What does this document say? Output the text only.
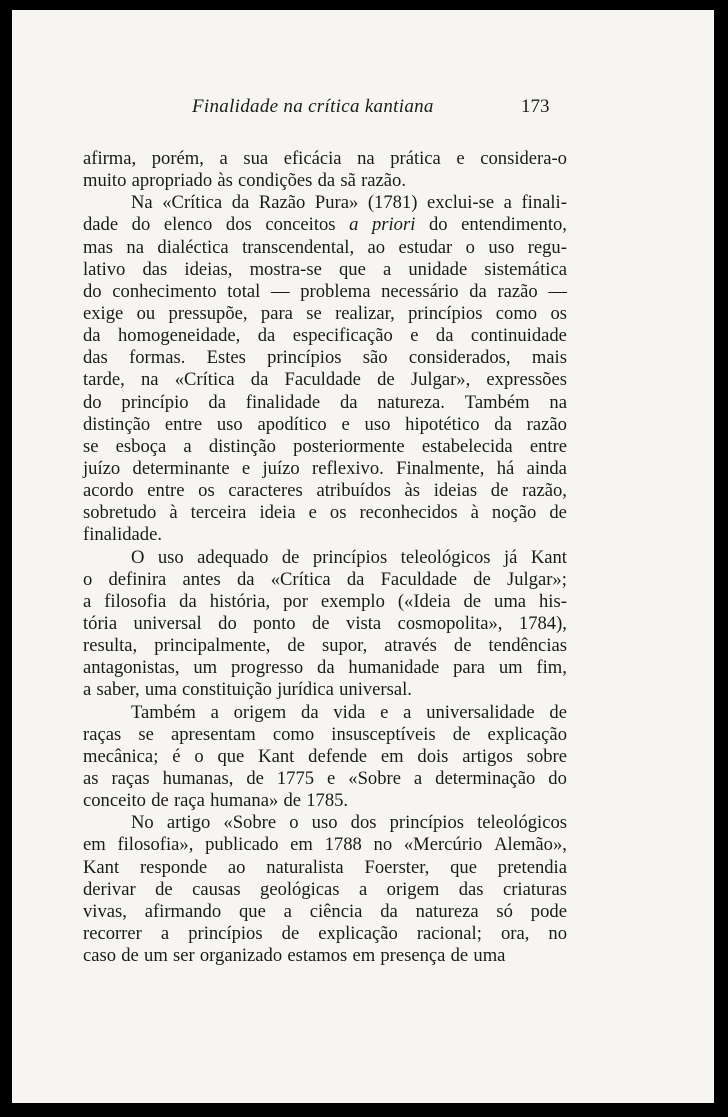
Finalidade na crítica kantiana	173
afirma, porém, a sua eficácia na prática e considera-o
muito apropriado às condições da sã razão.
Na «Crítica da Razão Pura» (1781) exclui-se a finali-
dade do elenco dos conceitos a priori do entendimento,
mas na dialéctica transcendental, ao estudar o uso regu-
lativo das ideias, mostra-se que a unidade sistemática
do conhecimento total — problema necessário da razão —
exige ou pressupõe, para se realizar, princípios como os
da homogeneidade, da especificação e da continuidade
das formas. Estes princípios são considerados, mais
tarde, na «Crítica da Faculdade de Julgar», expressões
do princípio da finalidade da natureza. Também na
distinção entre uso apodítico e uso hipotético da razão
se esboça a distinção posteriormente estabelecida entre
juízo determinante e juízo reflexivo. Finalmente, há ainda
acordo entre os caracteres atribuídos às ideias de razão,
sobretudo à terceira ideia e os reconhecidos à noção de
finalidade.
O uso adequado de princípios teleológicos já Kant
o definira antes da «Crítica da Faculdade de Julgar»;
a filosofia da história, por exemplo («Ideia de uma his-
tória universal do ponto de vista cosmopolita», 1784),
resulta, principalmente, de supor, através de tendências
antagonistas, um progresso da humanidade para um fim,
a saber, uma constituição jurídica universal.
Também a origem da vida e a universalidade de
raças se apresentam como insusceptíveis de explicação
mecânica; é o que Kant defende em dois artigos sobre
as raças humanas, de 1775 e «Sobre a determinação do
conceito de raça humana» de 1785.
No artigo «Sobre o uso dos princípios teleológicos
em filosofia», publicado em 1788 no «Mercúrio Alemão»,
Kant responde ao naturalista Foerster, que pretendia
derivar de causas geológicas a origem das criaturas
vivas, afirmando que a ciência da natureza só pode
recorrer a princípios de explicação racional; ora, no
caso de um ser organizado estamos em presença de uma
